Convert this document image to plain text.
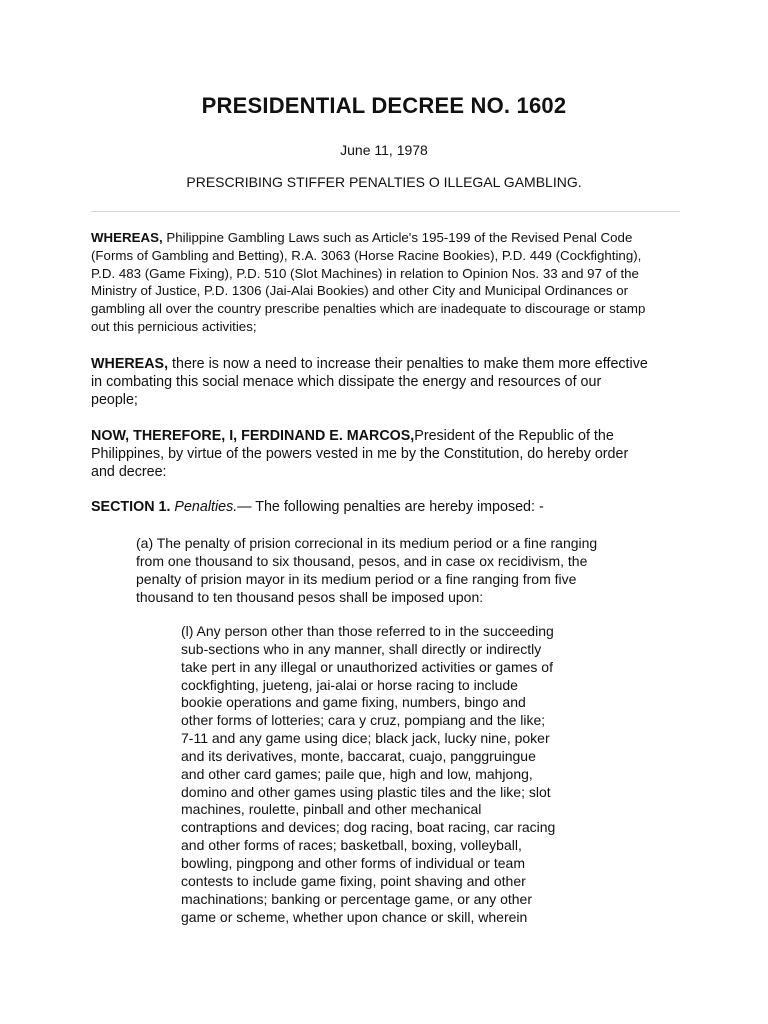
PRESIDENTIAL DECREE NO. 1602
June 11, 1978
PRESCRIBING STIFFER PENALTIES O ILLEGAL GAMBLING.
WHEREAS, Philippine Gambling Laws such as Article's 195-199 of the Revised Penal Code
(Forms of Gambling and Betting), R.A. 3063 (Horse Racine Bookies), P.D. 449 (Cockfighting),
P.D. 483 (Game Fixing), P.D. 510 (Slot Machines) in relation to Opinion Nos. 33 and 97 of the
Ministry of Justice, P.D. 1306 (Jai-Alai Bookies) and other City and Municipal Ordinances or
gambling all over the country prescribe penalties which are inadequate to discourage or stamp
out this pernicious activities;
WHEREAS, there is now a need to increase their penalties to make them more effective
in combating this social menace which dissipate the energy and resources of our
people;
NOW, THEREFORE, I, FERDINAND E. MARCOS,President of the Republic of the
Philippines, by virtue of the powers vested in me by the Constitution, do hereby order
and decree:
SECTION 1. Penalties.— The following penalties are hereby imposed: -
(a) The penalty of prision correcional in its medium period or a fine ranging
from one thousand to six thousand, pesos, and in case ox recidivism, the
penalty of prision mayor in its medium period or a fine ranging from five
thousand to ten thousand pesos shall be imposed upon:
(l) Any person other than those referred to in the succeeding
sub-sections who in any manner, shall directly or indirectly
take pert in any illegal or unauthorized activities or games of
cockfighting, jueteng, jai-alai or horse racing to include
bookie operations and game fixing, numbers, bingo and
other forms of lotteries; cara y cruz, pompiang and the like;
7-11 and any game using dice; black jack, lucky nine, poker
and its derivatives, monte, baccarat, cuajo, panggruingue
and other card games; paile que, high and low, mahjong,
domino and other games using plastic tiles and the like; slot
machines, roulette, pinball and other mechanical
contraptions and devices; dog racing, boat racing, car racing
and other forms of races; basketball, boxing, volleyball,
bowling, pingpong and other forms of individual or team
contests to include game fixing, point shaving and other
machinations; banking or percentage game, or any other
game or scheme, whether upon chance or skill, wherein
